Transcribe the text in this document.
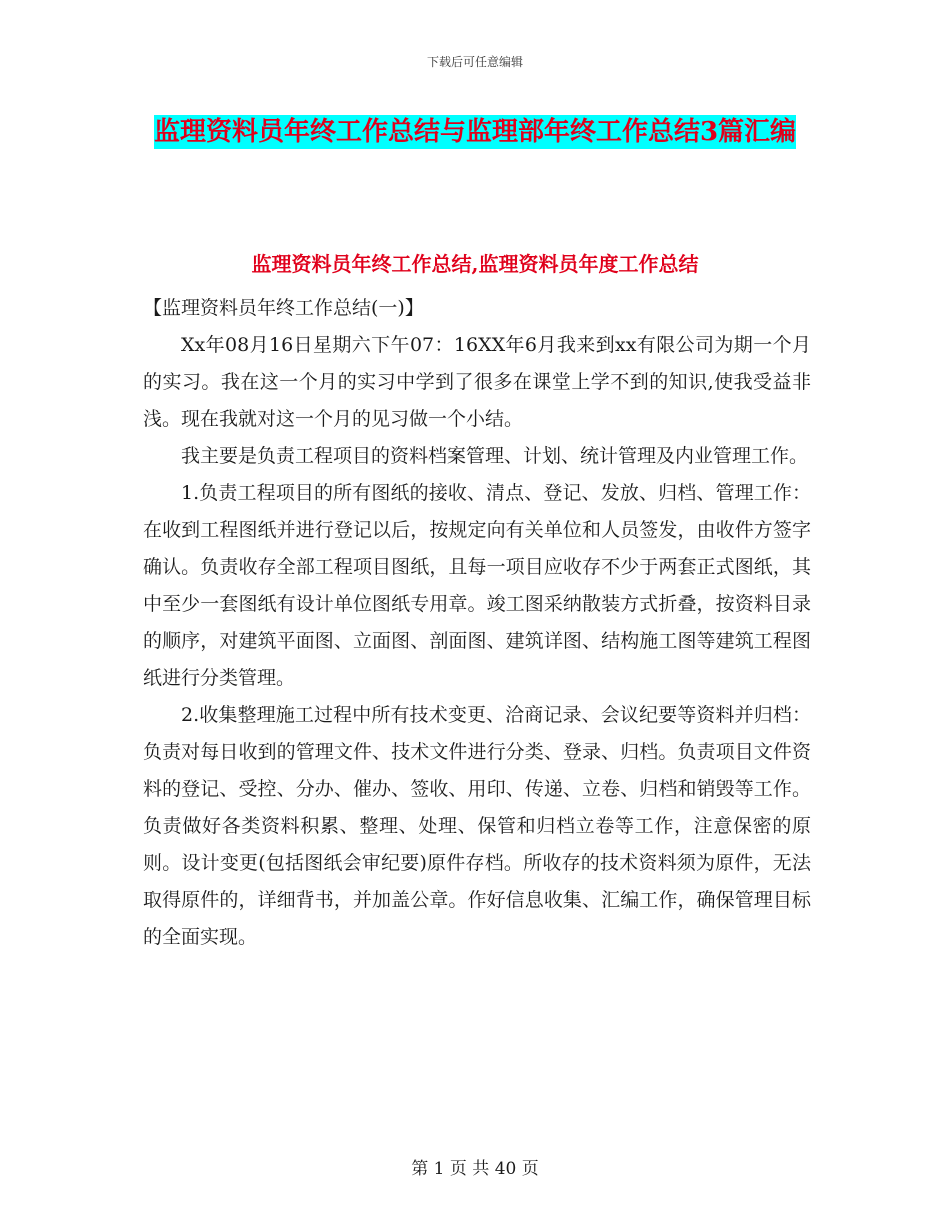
下载后可任意编辑
监理资料员年终工作总结与监理部年终工作总结3篇汇编
监理资料员年终工作总结,监理资料员年度工作总结

【监理资料员年终工作总结(一)】

Xx年08月16日星期六下午07：16XX年6月我来到xx有限公司为期一个月的实习。我在这一个月的实习中学到了很多在课堂上学不到的知识,使我受益非浅。现在我就对这一个月的见习做一个小结。

我主要是负责工程项目的资料档案管理、计划、统计管理及内业管理工作。

1.负责工程项目的所有图纸的接收、清点、登记、发放、归档、管理工作：在收到工程图纸并进行登记以后，按规定向有关单位和人员签发，由收件方签字确认。负责收存全部工程项目图纸，且每一项目应收存不少于两套正式图纸，其中至少一套图纸有设计单位图纸专用章。竣工图采纳散装方式折叠，按资料目录的顺序，对建筑平面图、立面图、剖面图、建筑详图、结构施工图等建筑工程图纸进行分类管理。

2.收集整理施工过程中所有技术变更、洽商记录、会议纪要等资料并归档：负责对每日收到的管理文件、技术文件进行分类、登录、归档。负责项目文件资料的登记、受控、分办、催办、签收、用印、传递、立卷、归档和销毁等工作。负责做好各类资料积累、整理、处理、保管和归档立卷等工作，注意保密的原则。设计变更(包括图纸会审纪要)原件存档。所收存的技术资料须为原件，无法取得原件的，详细背书，并加盖公章。作好信息收集、汇编工作，确保管理目标的全面实现。

第 1 页 共 40 页
